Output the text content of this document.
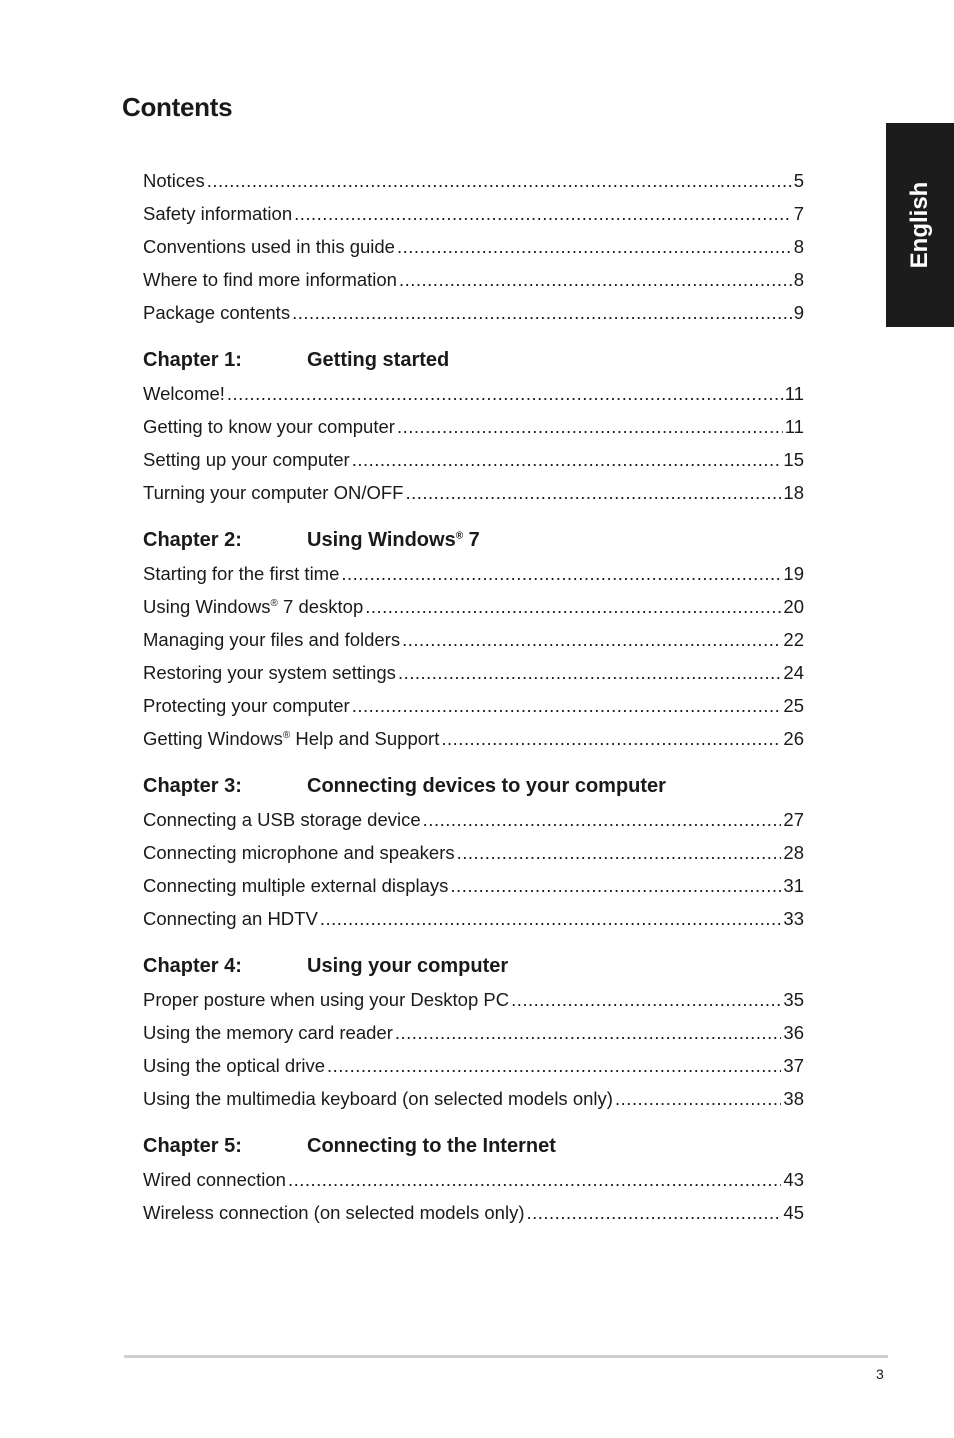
Contents
English
Notices .....	5
Safety information .....	7
Conventions used in this guide .....	8
Where to find more information .....	8
Package contents .....	9
Chapter 1:	Getting started
Welcome! .....	11
Getting to know your computer .....	11
Setting up your computer .....	15
Turning your computer ON/OFF .....	18
Chapter 2:	Using Windows® 7
Starting for the first time .....	19
Using Windows® 7 desktop .....	20
Managing your files and folders .....	22
Restoring your system settings .....	24
Protecting your computer .....	25
Getting Windows® Help and Support .....	26
Chapter 3:	Connecting devices to your computer
Connecting a USB storage device .....	27
Connecting microphone and speakers .....	28
Connecting multiple external displays .....	31
Connecting an HDTV .....	33
Chapter 4:	Using your computer
Proper posture when using your Desktop PC .....	35
Using the memory card reader .....	36
Using the optical drive .....	37
Using the multimedia keyboard (on selected models only) .....	38
Chapter 5:	Connecting to the Internet
Wired connection .....	43
Wireless connection (on selected models only) .....	45
3
